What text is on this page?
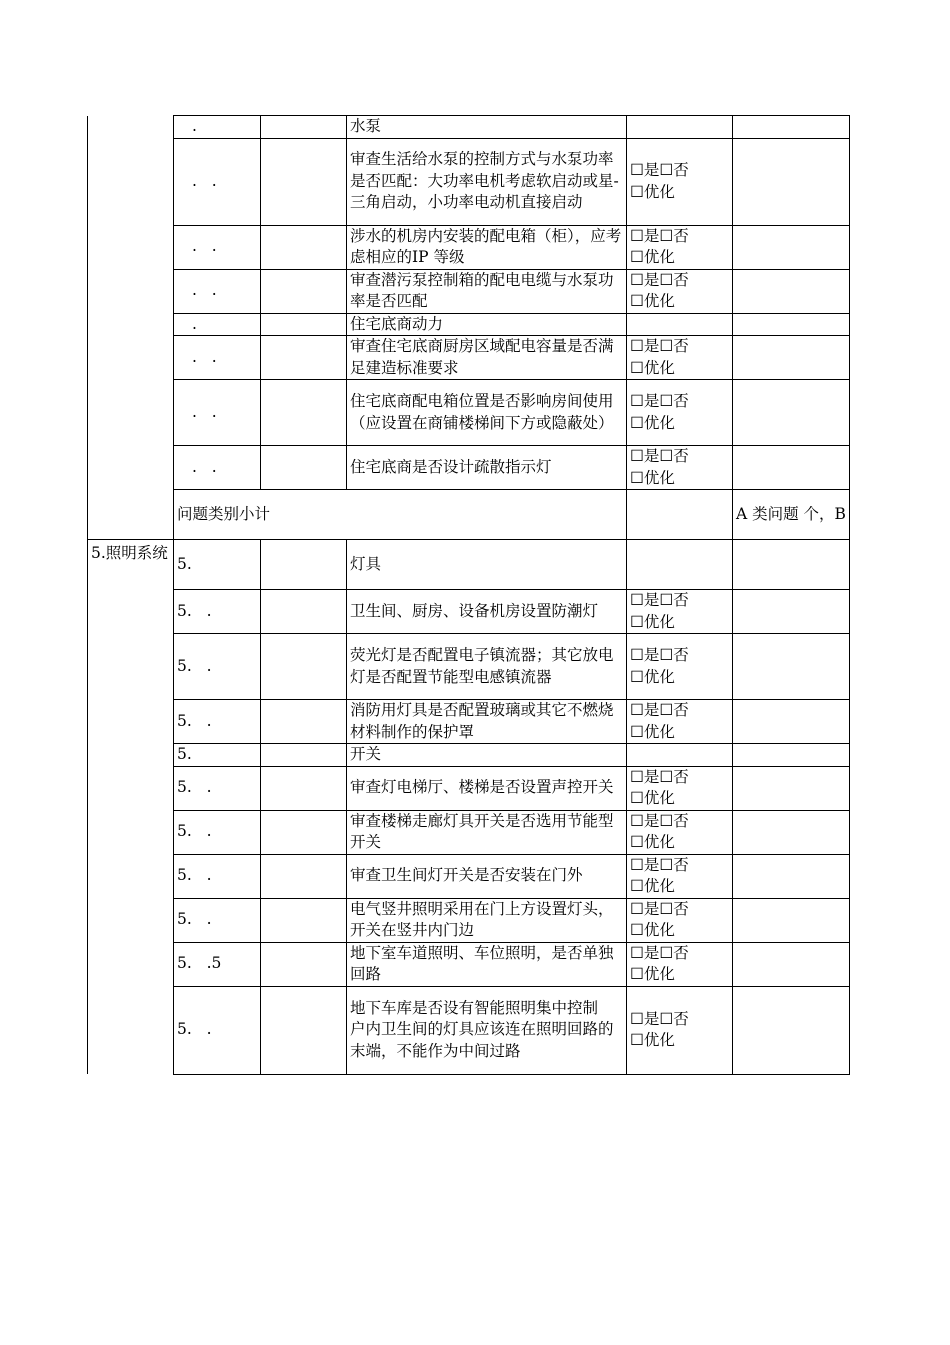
	.		水泵		
	.   .		审查生活给水泵的控制方式与水泵功率是否匹配：大功率电机考虑软启动或星-三角启动，小功率电动机直接启动	☐是☐否
☐优化	
	.   .		涉水的机房内安装的配电箱（柜），应考虑相应的IP 等级	☐是☐否
☐优化	
	.   .		审查潜污泵控制箱的配电电缆与水泵功率是否匹配	☐是☐否
☐优化	
	.		住宅底商动力		
	.   .		审查住宅底商厨房区域配电容量是否满足建造标准要求	☐是☐否
☐优化	
	.   .		住宅底商配电箱位置是否影响房间使用（应设置在商铺楼梯间下方或隐蔽处）	☐是☐否
☐优化	
	.   .		住宅底商是否设计疏散指示灯	☐是☐否
☐优化	
	问题类别小计				A 类问题 个，B
5.照明系统	5.		灯具		
	5.   .		卫生间、厨房、设备机房设置防潮灯	☐是☐否
☐优化	
	5.   .		荧光灯是否配置电子镇流器；其它放电灯是否配置节能型电感镇流器	☐是☐否
☐优化	
	5.   .		消防用灯具是否配置玻璃或其它不燃烧材料制作的保护罩	☐是☐否
☐优化	
	5.		开关		
	5.   .		审查灯电梯厅、楼梯是否设置声控开关	☐是☐否
☐优化	
	5.   .		审查楼梯走廊灯具开关是否选用节能型开关	☐是☐否
☐优化	
	5.   .		审查卫生间灯开关是否安装在门外	☐是☐否
☐优化	
	5.   .		电气竖井照明采用在门上方设置灯头，开关在竖井内门边	☐是☐否
☐优化	
	5.   .5		地下室车道照明、车位照明，是否单独回路	☐是☐否
☐优化	
	5.   .		地下车库是否设有智能照明集中控制
户内卫生间的灯具应该连在照明回路的末端，不能作为中间过路	☐是☐否
☐优化	
